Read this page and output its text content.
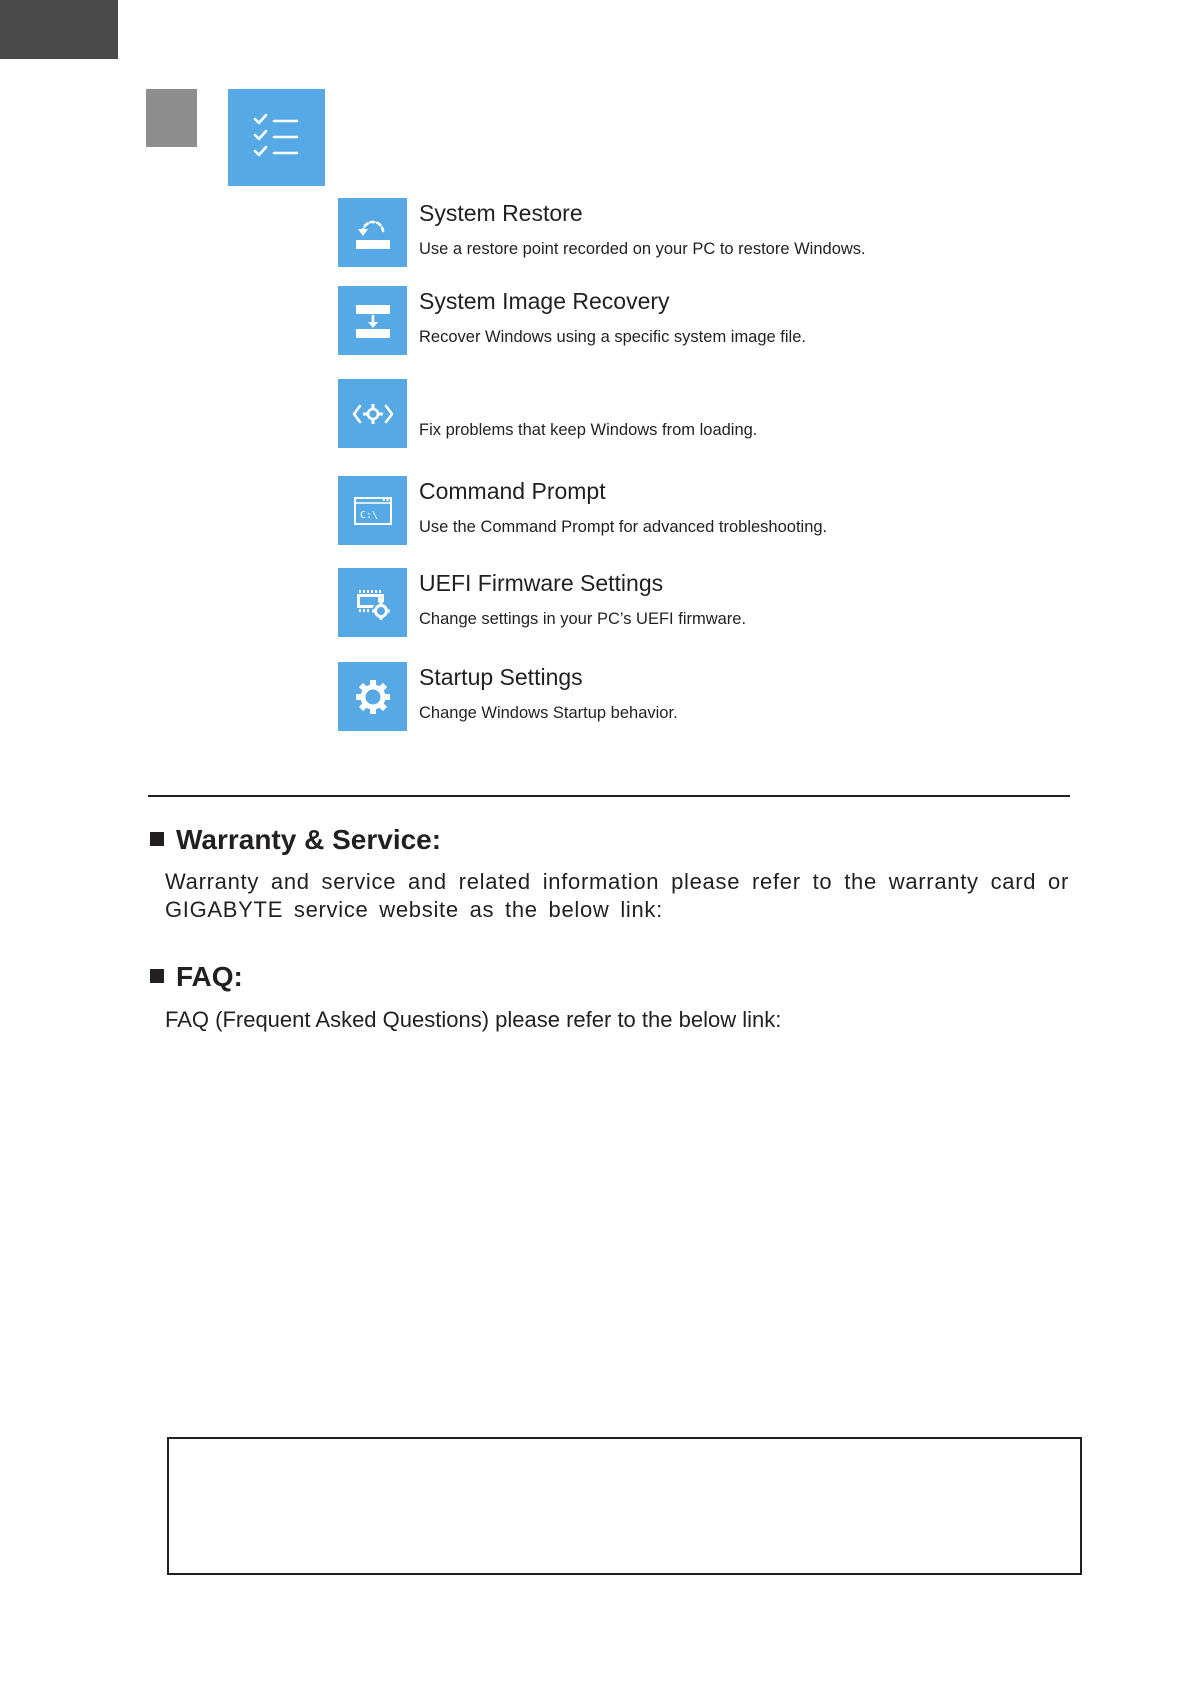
System Restore
Use a restore point recorded on your PC to restore Windows.
System Image Recovery
Recover Windows using a specific system image file.
Fix problems that keep Windows from loading.
C:\
Command Prompt
Use the Command Prompt for advanced trobleshooting.
UEFI Firmware Settings
Change settings in your PC’s UEFI firmware.
Startup Settings
Change Windows Startup behavior.
Warranty & Service:
Warranty and service and related information please refer to the warranty card or GIGABYTE service website as the below link:
FAQ:
FAQ (Frequent Asked Questions) please refer to the below link:
